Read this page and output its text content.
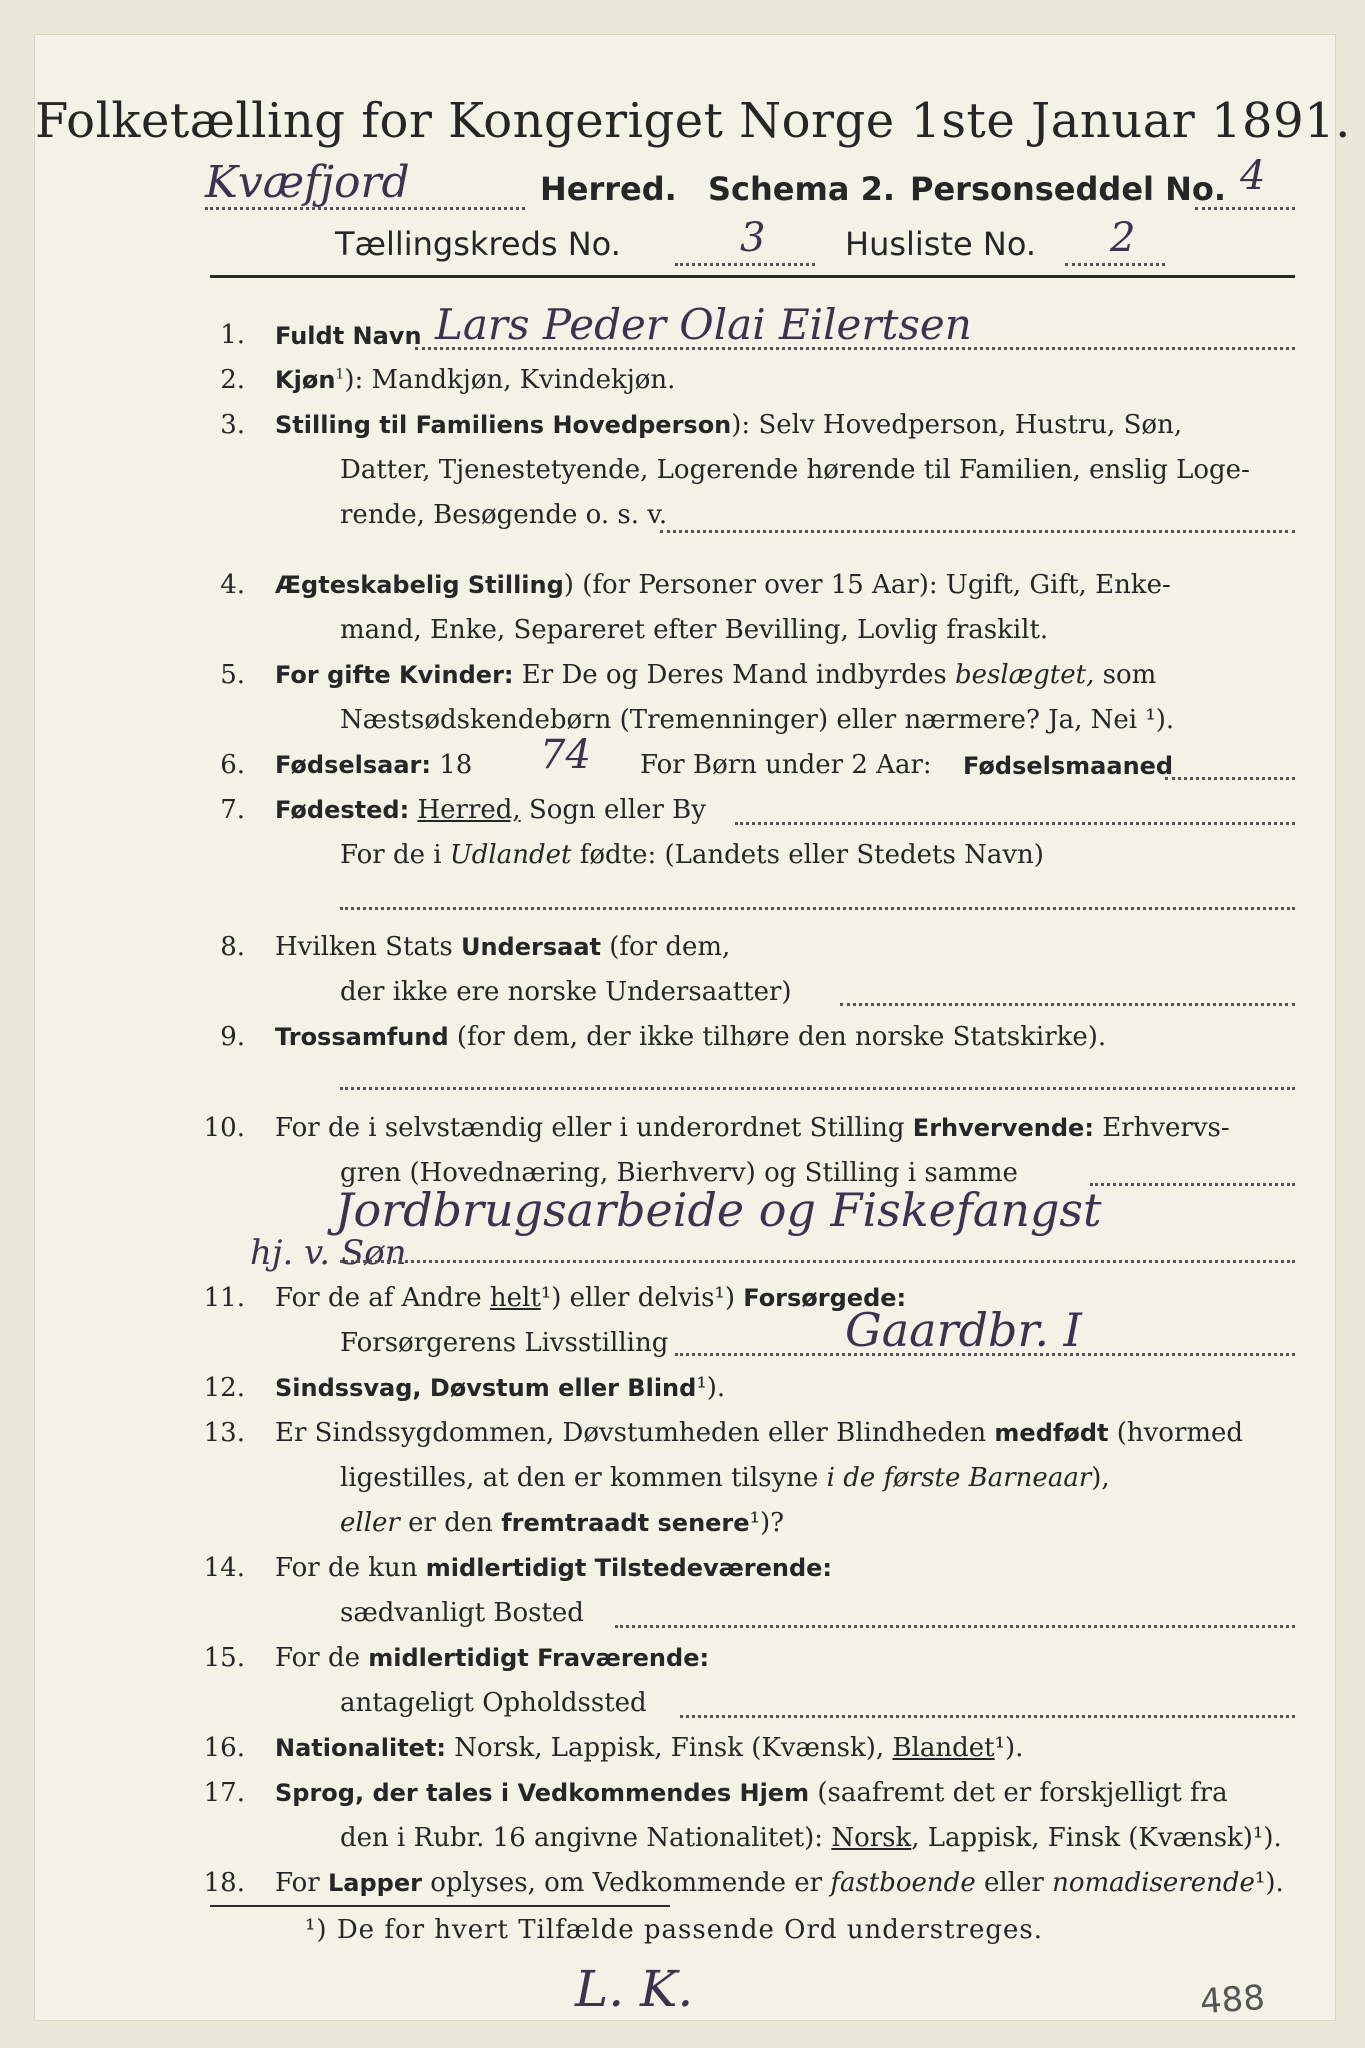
Folketælling for Kongeriget Norge 1ste Januar 1891.
Kvæfjord	Herred. Schema 2. Personseddel No. 4
Tællingskreds No.	3 Husliste No. 2
1. Fuldt Navn Lars Peder Olai Eilertsen
2. Kjøn$^1$): Mandkjøn, Kvindekjøn.
3. Stilling til Familiens Hovedperson): Selv Hovedperson, Hustru, Søn,
Datter, Tjenestetyende, Logerende hørende til Familien, enslig Loge-
rende, Besøgende o. s. v.
4. Ægteskabelig Stilling) (for Personer over 15 Aar): Ugift, Gift, Enke-
mand, Enke, Separeret efter Bevilling, Lovlig fraskilt.
5. For gifte Kvinder: Er De og Deres Mand indbyrdes beslægtet, som
Næstsødskendebørn (Tremenninger) eller nærmere? Ja, Nei ¹).
6. Fødselsaar: 18 74 For Børn under 2 Aar: Fødselsmaaned
7. Fødested: Herred, Sogn eller By
For de i Udlandet fødte: (Landets eller Stedets Navn)
8. Hvilken Stats Undersaat (for dem,
der ikke ere norske Undersaatter)
9. Trossamfund (for dem, der ikke tilhøre den norske Statskirke).
10. For de i selvstændig eller i underordnet Stilling Erhvervende: Erhvervs-
gren (Hovednæring, Bierhverv) og Stilling i samme
Jordbrugsarbeide og Fiskefangst
hj. v. Søn
11. For de af Andre helt¹) eller delvis¹) Forsørgede:
Forsørgerens Livsstilling	Gaardbr. I
12. Sindssvag, Døvstum eller Blind¹).
13. Er Sindssygdommen, Døvstumheden eller Blindheden medfødt (hvormed
ligestilles, at den er kommen tilsyne i de første Barneaar),
eller er den fremtraadt senere¹)?
14. For de kun midlertidigt Tilstedeværende:
sædvanligt Bosted
15. For de midlertidigt Fraværende:
antageligt Opholdssted
16. Nationalitet: Norsk, Lappisk, Finsk (Kvænsk), Blandet¹).
17. Sprog, der tales i Vedkommendes Hjem (saafremt det er forskjelligt fra
den i Rubr. 16 angivne Nationalitet): Norsk, Lappisk, Finsk (Kvænsk)¹).
18. For Lapper oplyses, om Vedkommende er fastboende eller nomadiserende¹).
¹) De for hvert Tilfælde passende Ord understreges.
L. K.	488
